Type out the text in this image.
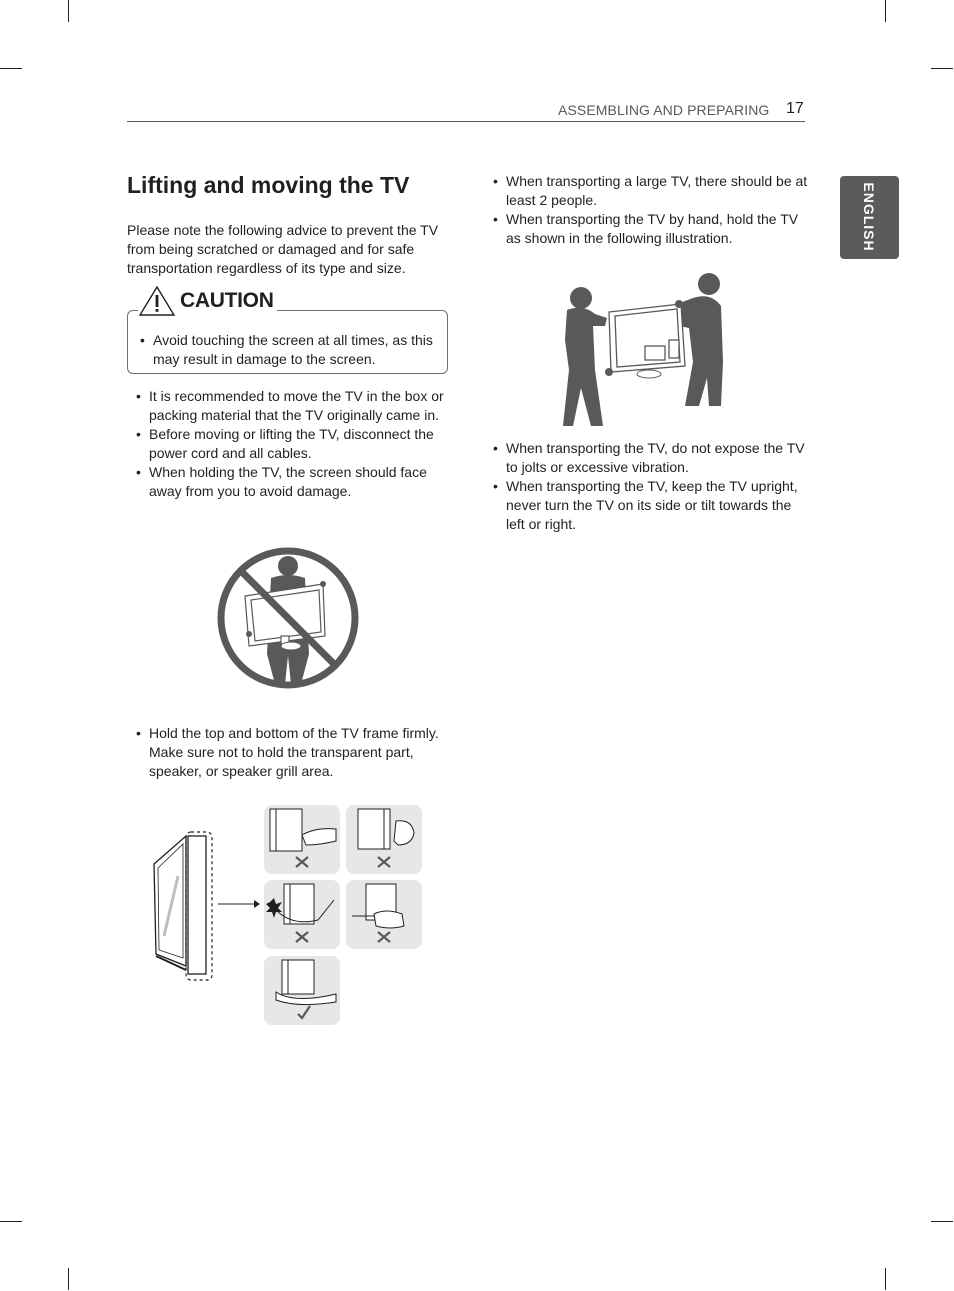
ASSEMBLING AND PREPARING 17
ENGLISH
Lifting and moving the TV
Please note the following advice to prevent the TV from being scratched or damaged and for safe transportation regardless of its type and size.
CAUTION
• Avoid touching the screen at all times, as this may result in damage to the screen.
• It is recommended to move the TV in the box or packing material that the TV originally came in.
• Before moving or lifting the TV, disconnect the power cord and all cables.
• When holding the TV, the screen should face away from you to avoid damage.
• Hold the top and bottom of the TV frame firmly. Make sure not to hold the transparent part, speaker, or speaker grill area.
• When transporting a large TV, there should be at least 2 people.
• When transporting the TV by hand, hold the TV as shown in the following illustration.
• When transporting the TV, do not expose the TV to jolts or excessive vibration.
• When transporting the TV, keep the TV upright, never turn the TV on its side or tilt towards the left or right.
